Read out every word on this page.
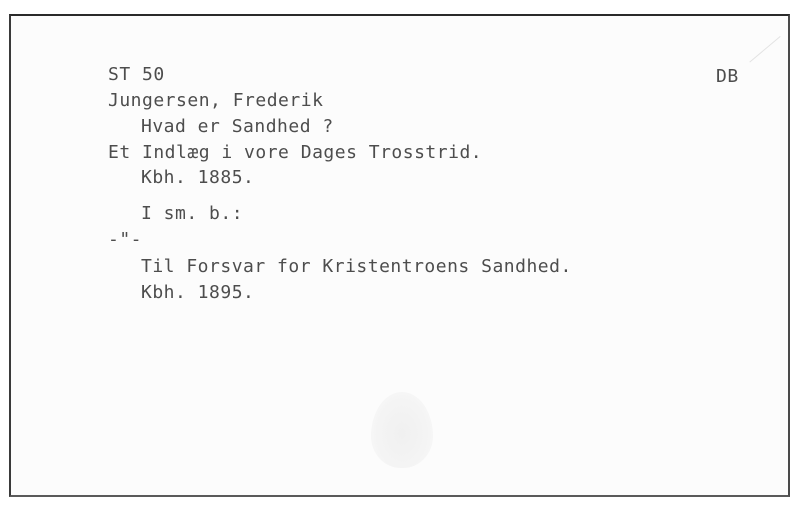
ST 50	DB
Jungersen, Frederik
Hvad er Sandhed ?
Et Indlæg i vore Dages Trosstrid.
Kbh. 1885.
I sm. b.:
-"-
Til Forsvar for Kristentroens Sandhed.
Kbh. 1895.
